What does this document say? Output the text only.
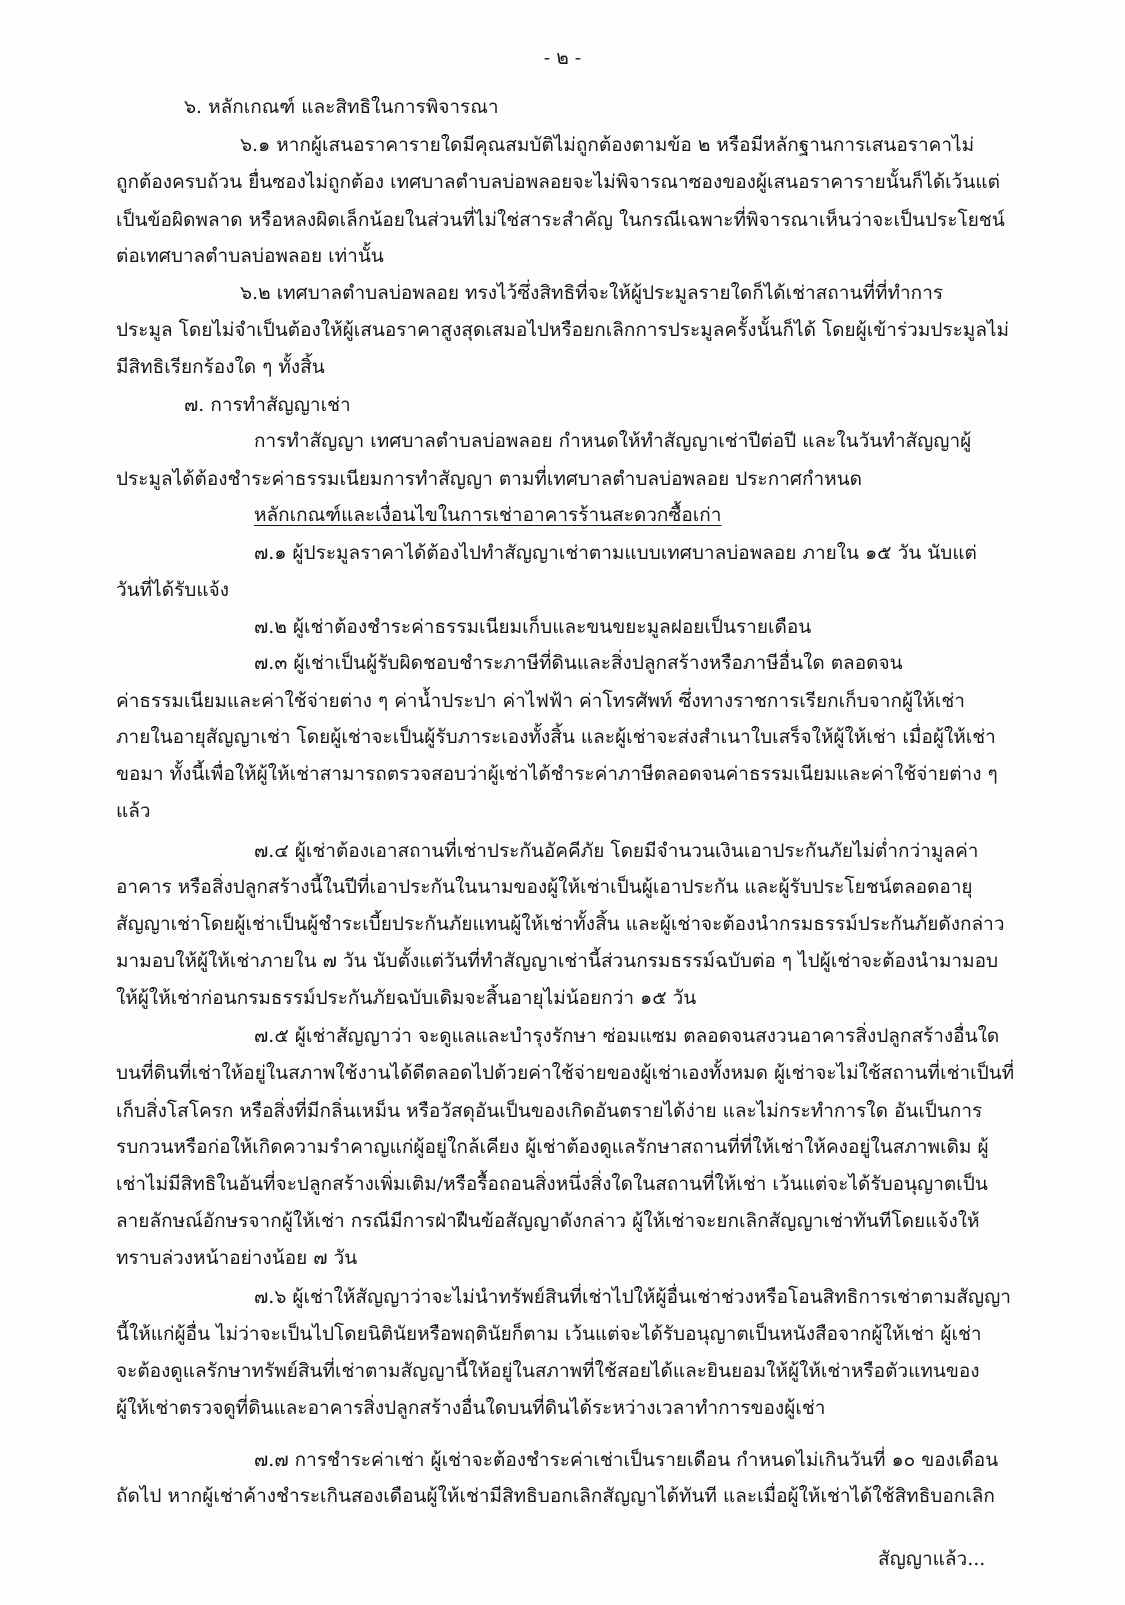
- ๒ -
๖. หลักเกณฑ์ และสิทธิในการพิจารณา
๖.๑ หากผู้เสนอราคารายใดมีคุณสมบัติไม่ถูกต้องตามข้อ ๒ หรือมีหลักฐานการเสนอราคาไม่
ถูกต้องครบถ้วน ยื่นซองไม่ถูกต้อง เทศบาลตำบลบ่อพลอยจะไม่พิจารณาซองของผู้เสนอราคารายนั้นก็ได้เว้นแต่
เป็นข้อผิดพลาด หรือหลงผิดเล็กน้อยในส่วนที่ไม่ใช่สาระสำคัญ ในกรณีเฉพาะที่พิจารณาเห็นว่าจะเป็นประโยชน์
ต่อเทศบาลตำบลบ่อพลอย เท่านั้น
๖.๒ เทศบาลตำบลบ่อพลอย ทรงไว้ซึ่งสิทธิที่จะให้ผู้ประมูลรายใดก็ได้เช่าสถานที่ที่ทำการ
ประมูล โดยไม่จำเป็นต้องให้ผู้เสนอราคาสูงสุดเสมอไปหรือยกเลิกการประมูลครั้งนั้นก็ได้ โดยผู้เข้าร่วมประมูลไม่
มีสิทธิเรียกร้องใด ๆ ทั้งสิ้น
๗. การทำสัญญาเช่า
การทำสัญญา เทศบาลตำบลบ่อพลอย กำหนดให้ทำสัญญาเช่าปีต่อปี และในวันทำสัญญาผู้
ประมูลได้ต้องชำระค่าธรรมเนียมการทำสัญญา ตามที่เทศบาลตำบลบ่อพลอย ประกาศกำหนด
หลักเกณฑ์และเงื่อนไขในการเช่าอาคารร้านสะดวกซื้อเก่า
๗.๑ ผู้ประมูลราคาได้ต้องไปทำสัญญาเช่าตามแบบเทศบาลบ่อพลอย ภายใน ๑๕ วัน นับแต่
วันที่ได้รับแจ้ง
๗.๒ ผู้เช่าต้องชำระค่าธรรมเนียมเก็บและขนขยะมูลฝอยเป็นรายเดือน
๗.๓ ผู้เช่าเป็นผู้รับผิดชอบชำระภาษีที่ดินและสิ่งปลูกสร้างหรือภาษีอื่นใด ตลอดจน
ค่าธรรมเนียมและค่าใช้จ่ายต่าง ๆ ค่าน้ำประปา ค่าไฟฟ้า ค่าโทรศัพท์ ซึ่งทางราชการเรียกเก็บจากผู้ให้เช่า
ภายในอายุสัญญาเช่า โดยผู้เช่าจะเป็นผู้รับภาระเองทั้งสิ้น และผู้เช่าจะส่งสำเนาใบเสร็จให้ผู้ให้เช่า เมื่อผู้ให้เช่า
ขอมา ทั้งนี้เพื่อให้ผู้ให้เช่าสามารถตรวจสอบว่าผู้เช่าได้ชำระค่าภาษีตลอดจนค่าธรรมเนียมและค่าใช้จ่ายต่าง ๆ
แล้ว
๗.๔ ผู้เช่าต้องเอาสถานที่เช่าประกันอัคคีภัย โดยมีจำนวนเงินเอาประกันภัยไม่ต่ำกว่ามูลค่า
อาคาร หรือสิ่งปลูกสร้างนี้ในปีที่เอาประกันในนามของผู้ให้เช่าเป็นผู้เอาประกัน และผู้รับประโยชน์ตลอดอายุ
สัญญาเช่าโดยผู้เช่าเป็นผู้ชำระเบี้ยประกันภัยแทนผู้ให้เช่าทั้งสิ้น และผู้เช่าจะต้องนำกรมธรรม์ประกันภัยดังกล่าว
มามอบให้ผู้ให้เช่าภายใน ๗ วัน นับตั้งแต่วันที่ทำสัญญาเช่านี้ส่วนกรมธรรม์ฉบับต่อ ๆ ไปผู้เช่าจะต้องนำมามอบ
ให้ผู้ให้เช่าก่อนกรมธรรม์ประกันภัยฉบับเดิมจะสิ้นอายุไม่น้อยกว่า ๑๕ วัน
๗.๕ ผู้เช่าสัญญาว่า จะดูแลและบำรุงรักษา ซ่อมแซม ตลอดจนสงวนอาคารสิ่งปลูกสร้างอื่นใด
บนที่ดินที่เช่าให้อยู่ในสภาพใช้งานได้ดีตลอดไปด้วยค่าใช้จ่ายของผู้เช่าเองทั้งหมด ผู้เช่าจะไม่ใช้สถานที่เช่าเป็นที่
เก็บสิ่งโสโครก หรือสิ่งที่มีกลิ่นเหม็น หรือวัสดุอันเป็นของเกิดอันตรายได้ง่าย และไม่กระทำการใด อันเป็นการ
รบกวนหรือก่อให้เกิดความรำคาญแก่ผู้อยู่ใกล้เคียง ผู้เช่าต้องดูแลรักษาสถานที่ที่ให้เช่าให้คงอยู่ในสภาพเดิม ผู้
เช่าไม่มีสิทธิในอันที่จะปลูกสร้างเพิ่มเติม/หรือรื้อถอนสิ่งหนึ่งสิ่งใดในสถานที่ให้เช่า เว้นแต่จะได้รับอนุญาตเป็น
ลายลักษณ์อักษรจากผู้ให้เช่า กรณีมีการฝ่าฝืนข้อสัญญาดังกล่าว ผู้ให้เช่าจะยกเลิกสัญญาเช่าทันทีโดยแจ้งให้
ทราบล่วงหน้าอย่างน้อย ๗ วัน
๗.๖ ผู้เช่าให้สัญญาว่าจะไม่นำทรัพย์สินที่เช่าไปให้ผู้อื่นเช่าช่วงหรือโอนสิทธิการเช่าตามสัญญา
นี้ให้แก่ผู้อื่น ไม่ว่าจะเป็นไปโดยนิตินัยหรือพฤตินัยก็ตาม เว้นแต่จะได้รับอนุญาตเป็นหนังสือจากผู้ให้เช่า ผู้เช่า
จะต้องดูแลรักษาทรัพย์สินที่เช่าตามสัญญานี้ให้อยู่ในสภาพที่ใช้สอยได้และยินยอมให้ผู้ให้เช่าหรือตัวแทนของ
ผู้ให้เช่าตรวจดูที่ดินและอาคารสิ่งปลูกสร้างอื่นใดบนที่ดินได้ระหว่างเวลาทำการของผู้เช่า
๗.๗ การชำระค่าเช่า ผู้เช่าจะต้องชำระค่าเช่าเป็นรายเดือน กำหนดไม่เกินวันที่ ๑๐ ของเดือน
ถัดไป หากผู้เช่าค้างชำระเกินสองเดือนผู้ให้เช่ามีสิทธิบอกเลิกสัญญาได้ทันที และเมื่อผู้ให้เช่าได้ใช้สิทธิบอกเลิก
สัญญาแล้ว...
